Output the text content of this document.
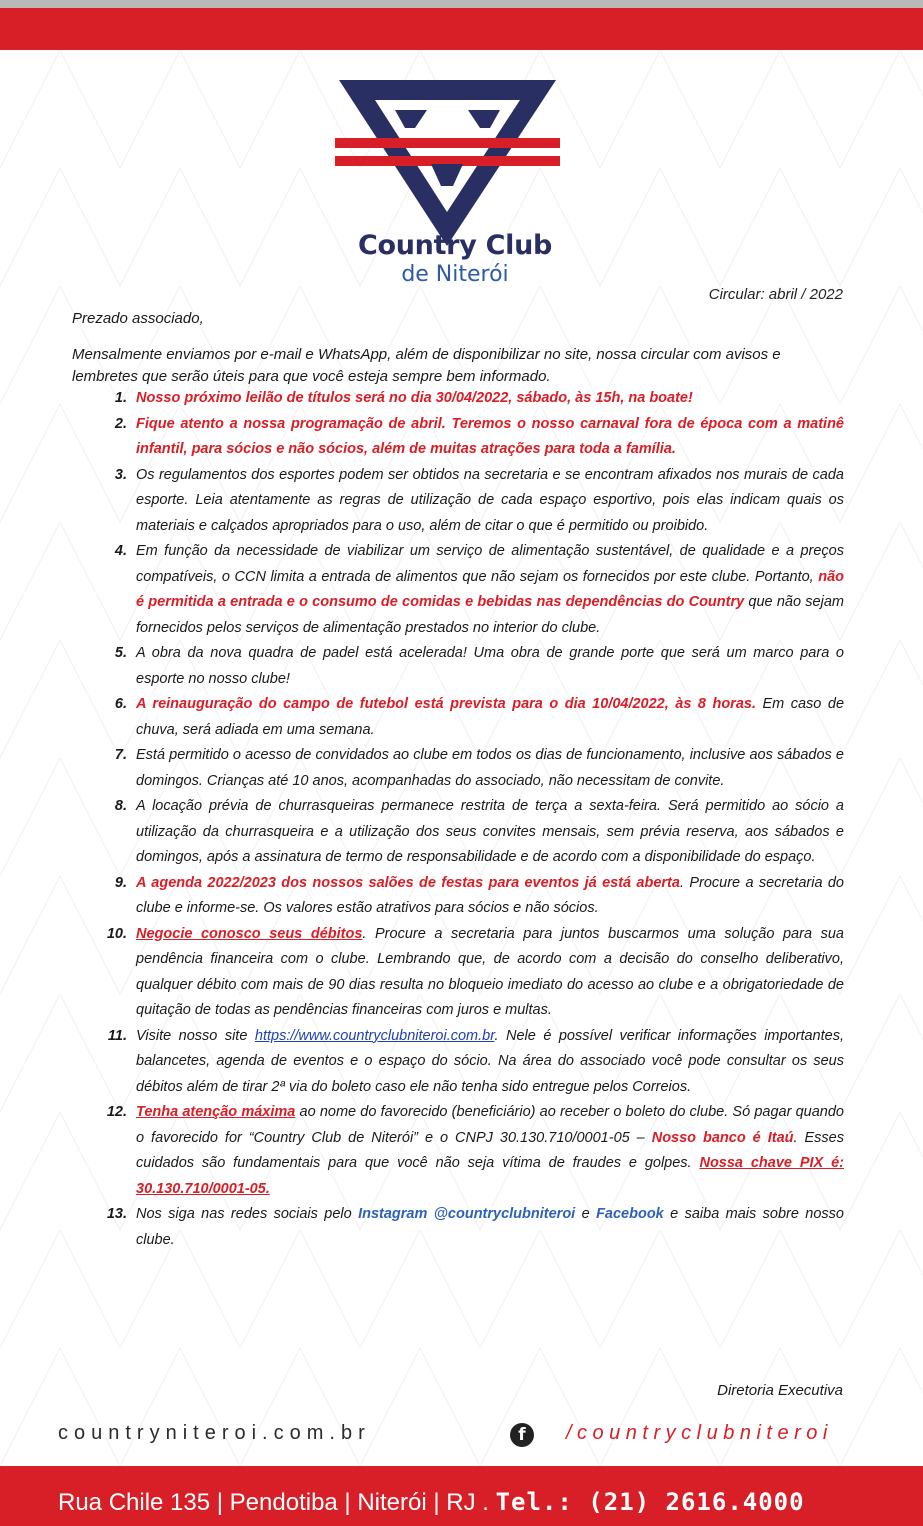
Country Club
de Niterói
Circular: abril / 2022
Prezado associado,
Mensalmente enviamos por e-mail e WhatsApp, além de disponibilizar no site, nossa circular com avisos e lembretes que serão úteis para que você esteja sempre bem informado.
1. Nosso próximo leilão de títulos será no dia 30/04/2022, sábado, às 15h, na boate!
2. Fique atento a nossa programação de abril. Teremos o nosso carnaval fora de época com a matinê infantil, para sócios e não sócios, além de muitas atrações para toda a família.
3. Os regulamentos dos esportes podem ser obtidos na secretaria e se encontram afixados nos murais de cada esporte. Leia atentamente as regras de utilização de cada espaço esportivo, pois elas indicam quais os materiais e calçados apropriados para o uso, além de citar o que é permitido ou proibido.
4. Em função da necessidade de viabilizar um serviço de alimentação sustentável, de qualidade e a preços compatíveis, o CCN limita a entrada de alimentos que não sejam os fornecidos por este clube. Portanto, não é permitida a entrada e o consumo de comidas e bebidas nas dependências do Country que não sejam fornecidos pelos serviços de alimentação prestados no interior do clube.
5. A obra da nova quadra de padel está acelerada! Uma obra de grande porte que será um marco para o esporte no nosso clube!
6. A reinauguração do campo de futebol está prevista para o dia 10/04/2022, às 8 horas. Em caso de chuva, será adiada em uma semana.
7. Está permitido o acesso de convidados ao clube em todos os dias de funcionamento, inclusive aos sábados e domingos. Crianças até 10 anos, acompanhadas do associado, não necessitam de convite.
8. A locação prévia de churrasqueiras permanece restrita de terça a sexta-feira. Será permitido ao sócio a utilização da churrasqueira e a utilização dos seus convites mensais, sem prévia reserva, aos sábados e domingos, após a assinatura de termo de responsabilidade e de acordo com a disponibilidade do espaço.
9. A agenda 2022/2023 dos nossos salões de festas para eventos já está aberta. Procure a secretaria do clube e informe-se. Os valores estão atrativos para sócios e não sócios.
10. Negocie conosco seus débitos. Procure a secretaria para juntos buscarmos uma solução para sua pendência financeira com o clube. Lembrando que, de acordo com a decisão do conselho deliberativo, qualquer débito com mais de 90 dias resulta no bloqueio imediato do acesso ao clube e a obrigatoriedade de quitação de todas as pendências financeiras com juros e multas.
11. Visite nosso site https://www.countryclubniteroi.com.br. Nele é possível verificar informações importantes, balancetes, agenda de eventos e o espaço do sócio. Na área do associado você pode consultar os seus débitos além de tirar 2ª via do boleto caso ele não tenha sido entregue pelos Correios.
12. Tenha atenção máxima ao nome do favorecido (beneficiário) ao receber o boleto do clube. Só pagar quando o favorecido for “Country Club de Niterói” e o CNPJ 30.130.710/0001-05 – Nosso banco é Itaú. Esses cuidados são fundamentais para que você não seja vítima de fraudes e golpes. Nossa chave PIX é: 30.130.710/0001-05.
13. Nos siga nas redes sociais pelo Instagram @countryclubniteroi e Facebook e saiba mais sobre nosso clube.
Diretoria Executiva
countryniteroi.com.br	f	/countryclubniteroi
Rua Chile 135 | Pendotiba | Niterói | RJ . Tel.: (21) 2616.4000
